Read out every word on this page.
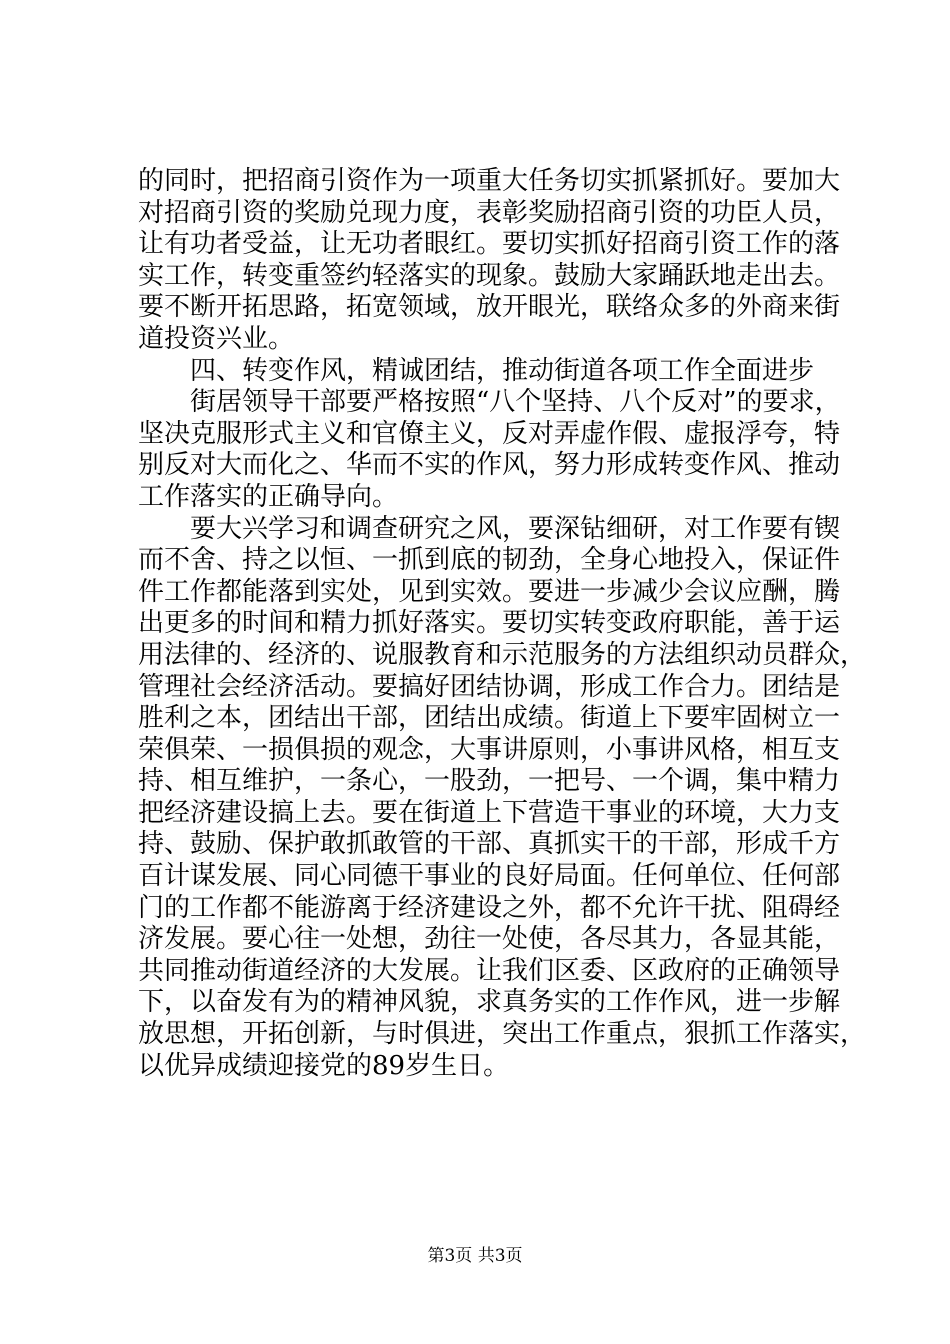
的同时，把招商引资作为一项重大任务切实抓紧抓好。要加大
对招商引资的奖励兑现力度，表彰奖励招商引资的功臣人员，
让有功者受益，让无功者眼红。要切实抓好招商引资工作的落
实工作，转变重签约轻落实的现象。鼓励大家踊跃地走出去。
要不断开拓思路，拓宽领域，放开眼光，联络众多的外商来街
道投资兴业。
四、转变作风，精诚团结，推动街道各项工作全面进步
街居领导干部要严格按照“八个坚持、八个反对”的要求，
坚决克服形式主义和官僚主义，反对弄虚作假、虚报浮夸，特
别反对大而化之、华而不实的作风，努力形成转变作风、推动
工作落实的正确导向。
要大兴学习和调查研究之风，要深钻细研，对工作要有锲
而不舍、持之以恒、一抓到底的韧劲，全身心地投入，保证件
件工作都能落到实处，见到实效。要进一步减少会议应酬，腾
出更多的时间和精力抓好落实。要切实转变政府职能，善于运
用法律的、经济的、说服教育和示范服务的方法组织动员群众，
管理社会经济活动。要搞好团结协调，形成工作合力。团结是
胜利之本，团结出干部，团结出成绩。街道上下要牢固树立一
荣俱荣、一损俱损的观念，大事讲原则，小事讲风格，相互支
持、相互维护，一条心，一股劲，一把号、一个调，集中精力
把经济建设搞上去。要在街道上下营造干事业的环境，大力支
持、鼓励、保护敢抓敢管的干部、真抓实干的干部，形成千方
百计谋发展、同心同德干事业的良好局面。任何单位、任何部
门的工作都不能游离于经济建设之外，都不允许干扰、阻碍经
济发展。要心往一处想，劲往一处使，各尽其力，各显其能，
共同推动街道经济的大发展。让我们区委、区政府的正确领导
下，以奋发有为的精神风貌，求真务实的工作作风，进一步解
放思想，开拓创新，与时俱进，突出工作重点，狠抓工作落实，
以优异成绩迎接党的89岁生日。
第3页 共3页
